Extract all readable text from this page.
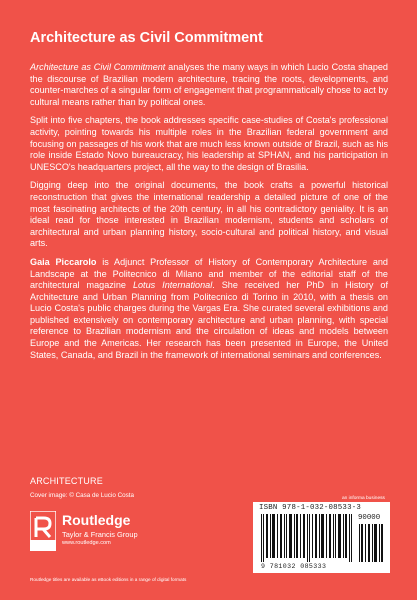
Architecture as Civil Commitment

Architecture as Civil Commitment analyses the many ways in which Lucio Costa shaped the discourse of Brazilian modern architecture, tracing the roots, developments, and counter-marches of a singular form of engagement that programmatically chose to act by cultural means rather than by political ones.

Split into five chapters, the book addresses specific case-studies of Costa's professional activity, pointing towards his multiple roles in the Brazilian federal government and focusing on passages of his work that are much less known outside of Brazil, such as his role inside Estado Novo bureaucracy, his leadership at SPHAN, and his participation in UNESCO's headquarters project, all the way to the design of Brasilia.

Digging deep into the original documents, the book crafts a powerful historical reconstruction that gives the international readership a detailed picture of one of the most fascinating architects of the 20th century, in all his contradictory geniality. It is an ideal read for those interested in Brazilian modernism, students and scholars of architectural and urban planning history, socio-cultural and political history, and visual arts.

Gaia Piccarolo is Adjunct Professor of History of Contemporary Architecture and Landscape at the Politecnico di Milano and member of the editorial staff of the architectural magazine Lotus International. She received her PhD in History of Architecture and Urban Planning from Politecnico di Torino in 2010, with a thesis on Lucio Costa's public charges during the Vargas Era. She curated several exhibitions and published extensively on contemporary architecture and urban planning, with special reference to Brazilian modernism and the circulation of ideas and models between Europe and the Americas. Her research has been presented in Europe, the United States, Canada, and Brazil in the framework of international seminars and conferences.

ARCHITECTURE
Cover image: © Casa de Lucio Costa
Routledge
Taylor & Francis Group
www.routledge.com
Routledge titles are available as eBook editions in a range of digital formats
an informa business
ISBN 978-1-032-08533-3
90000
9 781032 085333
